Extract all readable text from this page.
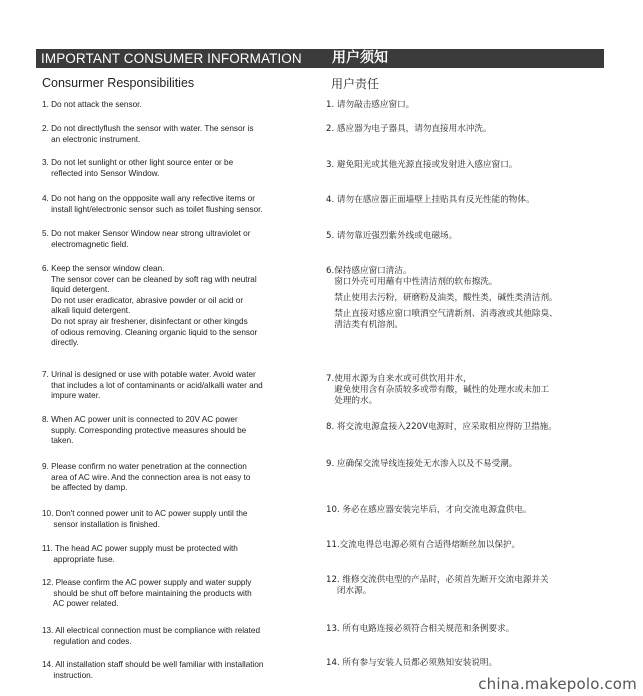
IMPORTANT CONSUMER INFORMATION 用户须知
Consurmer Responsibilities	用户责任
1. Do not attack the sensor.
2. Do not directlyflush the sensor with water. The sensor is
an electronic instrument.
3. Do not let sunlight or other light source enter or be
reflected into Sensor Window.
4. Do not hang on the oppposite wall any refective items or
install light/electronic sensor such as toilet flushing sensor.
5. Do not maker Sensor Window near strong ultraviolet or
electromagnetic field.
6. Keep the sensor window clean.
The sensor cover can be cleaned by soft rag with neutral
liquid detergent.
Do not user eradicator, abrasive powder or oil acid or
alkali liquid detergent.
Do not spray air freshener, disinfectant or other kingds
of odious removing. Cleaning organic liquid to the sensor
directly.
7. Urinal is designed or use with potable water. Avoid water
that includes a lot of contaminants or acid/alkalli water and
impure water.
8. When AC power unit is connected to 20V AC power
supply. Corresponding protective measures should be
taken.
9. Please confirm no water penetration at the connection
area of AC wire. And the connection area is not easy to
be affected by damp.
10. Don't conned power unit to AC power supply until the
sensor installation is finished.
11. The head AC power supply must be protected with
appropriate fuse.
12. Please confirm the AC power supply and water supply
should be shut off before maintaining the products with
AC power related.
13. All electrical connection must be compliance with related
regulation and codes.
14. All installation staff should be well familiar with installation
instruction.
1. 请勿敲击感应窗口。
2. 感应器为电子器具，请勿直接用水冲洗。
3. 避免阳光或其他光源直接或发射进入感应窗口。
4. 请勿在感应器正面墙壁上挂贴具有反光性能的物体。
5. 请勿靠近强烈紫外线或电磁场。
6.保持感应窗口清洁。
窗口外壳可用蘸有中性清洁剂的软布擦洗。
禁止使用去污粉，研磨粉及油类，酸性类，碱性类清洁剂。
禁止直接对感应窗口喷洒空气清新剂、消毒液或其他除臭、
清洁类有机溶剂。
7.使用水源为自来水或可供饮用井水，
避免使用含有杂质较多或带有酸，碱性的处理水或未加工
处理的水。
8. 将交流电源盒接入220V电源时，应采取相应得防卫措施。
9. 应确保交流导线连接处无水渗入以及不易受潮。
10. 务必在感应器安装完毕后，才向交流电源盒供电。
11.交流电得总电源必须有合适得熔断丝加以保护。
12. 维修交流供电型的产品时，必须首先断开交流电源并关
闭水源。
13. 所有电路连接必须符合相关规范和条例要求。
14. 所有参与安装人员都必须熟知安装说明。
china.makepolo.com
